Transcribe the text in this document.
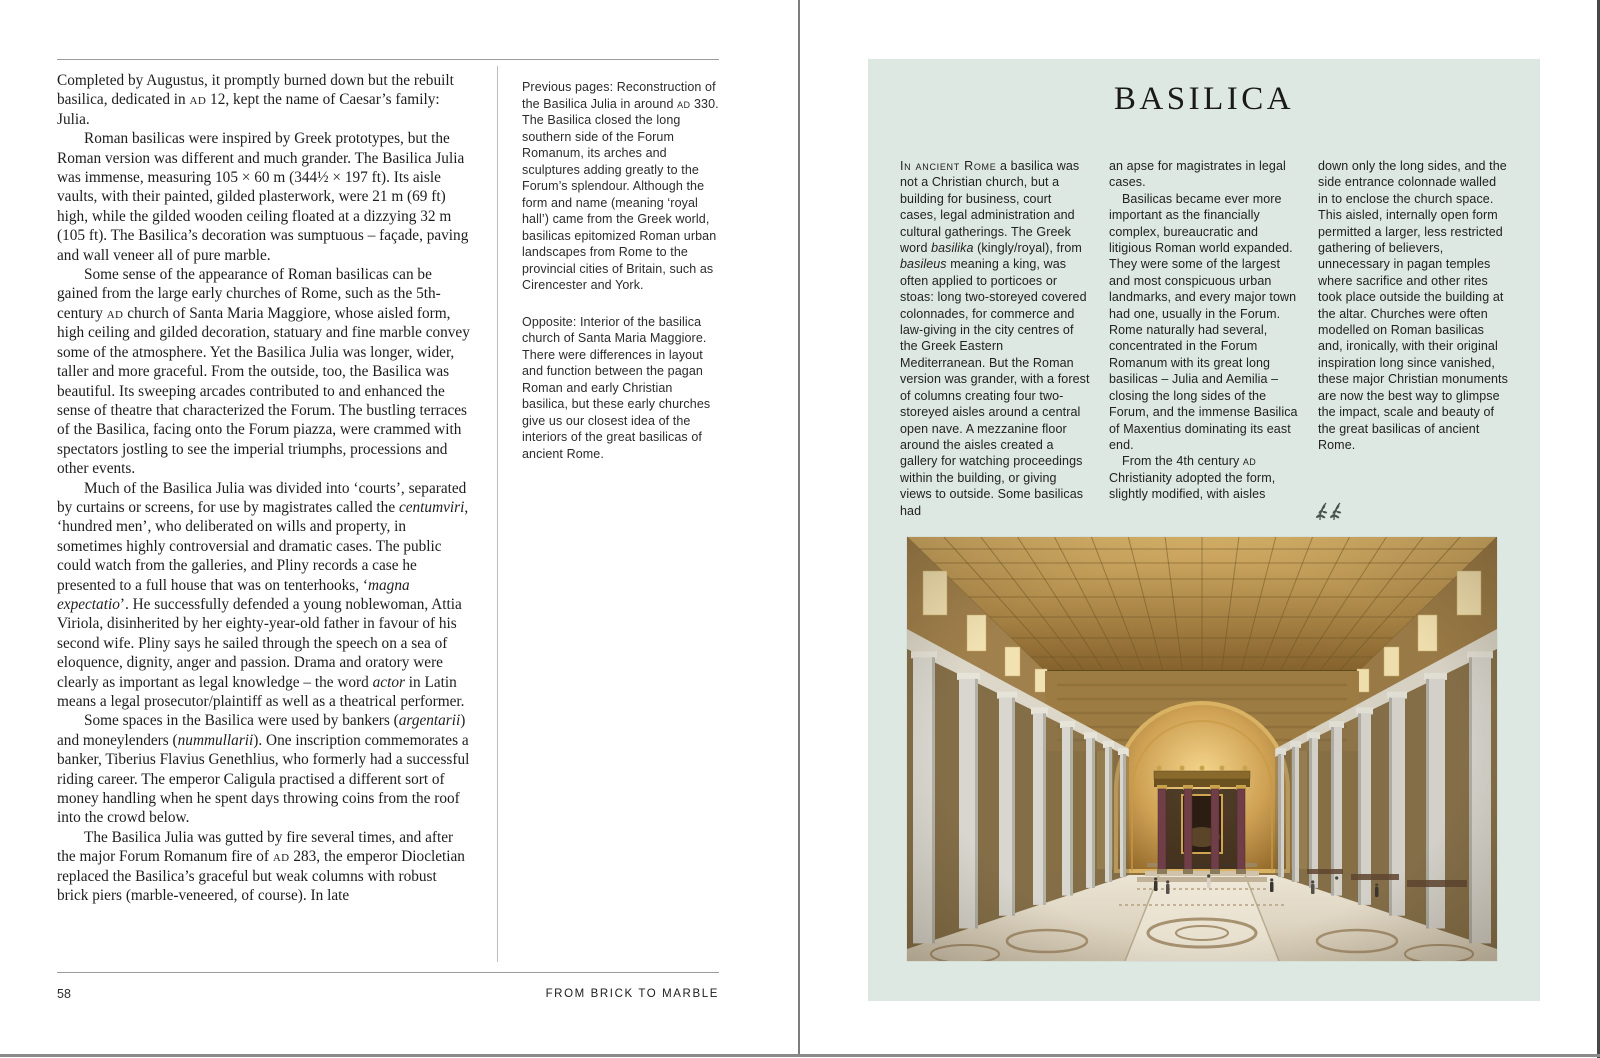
Completed by Augustus, it promptly burned down but the rebuilt basilica, dedicated in AD 12, kept the name of Caesar’s family: Julia.

Roman basilicas were inspired by Greek prototypes, but the Roman version was different and much grander. The Basilica Julia was immense, measuring 105 × 60 m (344½ × 197 ft). Its aisle vaults, with their painted, gilded plasterwork, were 21 m (69 ft) high, while the gilded wooden ceiling floated at a dizzying 32 m (105 ft). The Basilica’s decoration was sumptuous – façade, paving and wall veneer all of pure marble.

Some sense of the appearance of Roman basilicas can be gained from the large early churches of Rome, such as the 5th-century AD church of Santa Maria Maggiore, whose aisled form, high ceiling and gilded decoration, statuary and fine marble convey some of the atmosphere. Yet the Basilica Julia was longer, wider, taller and more graceful. From the outside, too, the Basilica was beautiful. Its sweeping arcades contributed to and enhanced the sense of theatre that characterized the Forum. The bustling terraces of the Basilica, facing onto the Forum piazza, were crammed with spectators jostling to see the imperial triumphs, processions and other events.

Much of the Basilica Julia was divided into ‘courts’, separated by curtains or screens, for use by magistrates called the centumviri, ‘hundred men’, who deliberated on wills and property, in sometimes highly controversial and dramatic cases. The public could watch from the galleries, and Pliny records a case he presented to a full house that was on tenterhooks, ‘magna expectatio’. He successfully defended a young noblewoman, Attia Viriola, disinherited by her eighty-year-old father in favour of his second wife. Pliny says he sailed through the speech on a sea of eloquence, dignity, anger and passion. Drama and oratory were clearly as important as legal knowledge – the word actor in Latin means a legal prosecutor/plaintiff as well as a theatrical performer.

Some spaces in the Basilica were used by bankers (argentarii) and moneylenders (nummullarii). One inscription commemorates a banker, Tiberius Flavius Genethlius, who formerly had a successful riding career. The emperor Caligula practised a different sort of money handling when he spent days throwing coins from the roof into the crowd below.

The Basilica Julia was gutted by fire several times, and after the major Forum Romanum fire of AD 283, the emperor Diocletian replaced the Basilica’s graceful but weak columns with robust brick piers (marble-veneered, of course). In late

Previous pages: Reconstruction of the Basilica Julia in around AD 330. The Basilica closed the long southern side of the Forum Romanum, its arches and sculptures adding greatly to the Forum’s splendour. Although the form and name (meaning ‘royal hall’) came from the Greek world, basilicas epitomized Roman urban landscapes from Rome to the provincial cities of Britain, such as Cirencester and York.

Opposite: Interior of the basilica church of Santa Maria Maggiore. There were differences in layout and function between the pagan Roman and early Christian basilica, but these early churches give us our closest idea of the interiors of the great basilicas of ancient Rome.

58	FROM BRICK TO MARBLE
BASILICA

In ancient Rome a basilica was not a Christian church, but a building for business, court cases, legal administration and cultural gatherings. The Greek word basilika (kingly/royal), from basileus meaning a king, was often applied to porticoes or stoas: long two-storeyed covered colonnades, for commerce and law-giving in the city centres of the Greek Eastern Mediterranean. But the Roman version was grander, with a forest of columns creating four two-storeyed aisles around a central open nave. A mezzanine floor around the aisles created a gallery for watching proceedings within the building, or giving views to outside. Some basilicas had

an apse for magistrates in legal cases.

Basilicas became ever more important as the financially complex, bureaucratic and litigious Roman world expanded. They were some of the largest and most conspicuous urban landmarks, and every major town had one, usually in the Forum. Rome naturally had several, concentrated in the Forum Romanum with its great long basilicas – Julia and Aemilia – closing the long sides of the Forum, and the immense Basilica of Maxentius dominating its east end.

From the 4th century AD Christianity adopted the form, slightly modified, with aisles

down only the long sides, and the side entrance colonnade walled in to enclose the church space. This aisled, internally open form permitted a larger, less restricted gathering of believers, unnecessary in pagan temples where sacrifice and other rites took place outside the building at the altar. Churches were often modelled on Roman basilicas and, ironically, with their original inspiration long since vanished, these major Christian monuments are now the best way to glimpse the impact, scale and beauty of the great basilicas of ancient Rome.
